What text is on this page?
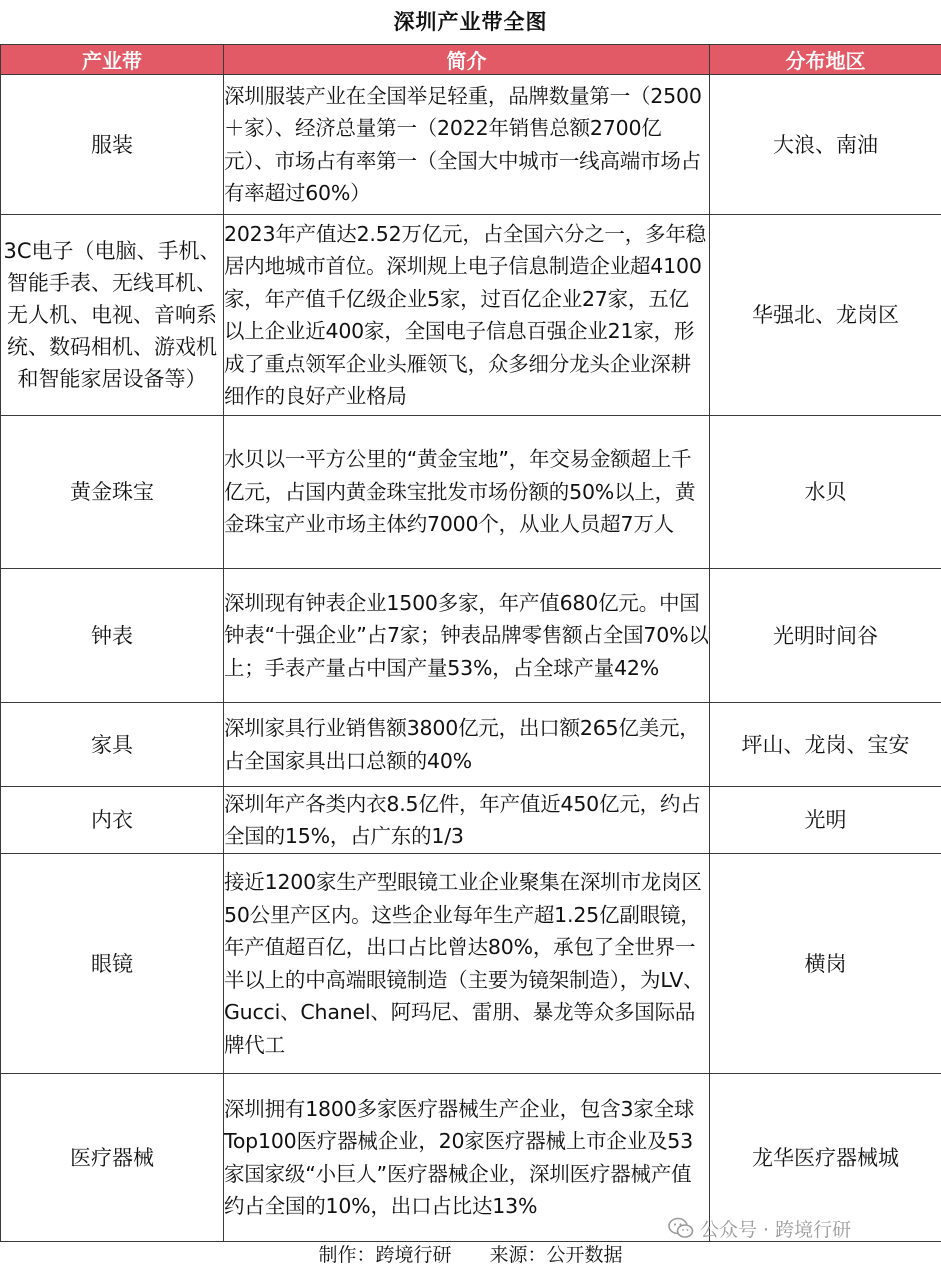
深圳产业带全图
产业带	简介	分布地区
服装	深圳服装产业在全国举足轻重，品牌数量第一（2500＋家）、经济总量第一（2022年销售总额2700亿元）、市场占有率第一（全国大中城市一线高端市场占有率超过60%）	大浪、南油
3C电子（电脑、手机、智能手表、无线耳机、无人机、电视、音响系统、数码相机、游戏机和智能家居设备等）	2023年产值达2.52万亿元，占全国六分之一，多年稳居内地城市首位。深圳规上电子信息制造企业超4100家，年产值千亿级企业5家，过百亿企业27家，五亿以上企业近400家，全国电子信息百强企业21家，形成了重点领军企业头雁领飞，众多细分龙头企业深耕细作的良好产业格局	华强北、龙岗区
黄金珠宝	水贝以一平方公里的“黄金宝地”，年交易金额超上千亿元，占国内黄金珠宝批发市场份额的50%以上，黄金珠宝产业市场主体约7000个，从业人员超7万人	水贝
钟表	深圳现有钟表企业1500多家，年产值680亿元。中国钟表“十强企业”占7家；钟表品牌零售额占全国70%以上；手表产量占中国产量53%，占全球产量42%	光明时间谷
家具	深圳家具行业销售额3800亿元，出口额265亿美元，占全国家具出口总额的40%	坪山、龙岗、宝安
内衣	深圳年产各类内衣8.5亿件，年产值近450亿元，约占全国的15%，占广东的1/3	光明
眼镜	接近1200家生产型眼镜工业企业聚集在深圳市龙岗区50公里产区内。这些企业每年生产超1.25亿副眼镜，年产值超百亿，出口占比曾达80%，承包了全世界一半以上的中高端眼镜制造（主要为镜架制造），为LV、Gucci、Chanel、阿玛尼、雷朋、暴龙等众多国际品牌代工	横岗
医疗器械	深圳拥有1800多家医疗器械生产企业，包含3家全球Top100医疗器械企业，20家医疗器械上市企业及53家国家级“小巨人”医疗器械企业，深圳医疗器械产值约占全国的10%，出口占比达13%	龙华医疗器械城
公众号 · 跨境行研
制作：跨境行研 来源：公开数据
